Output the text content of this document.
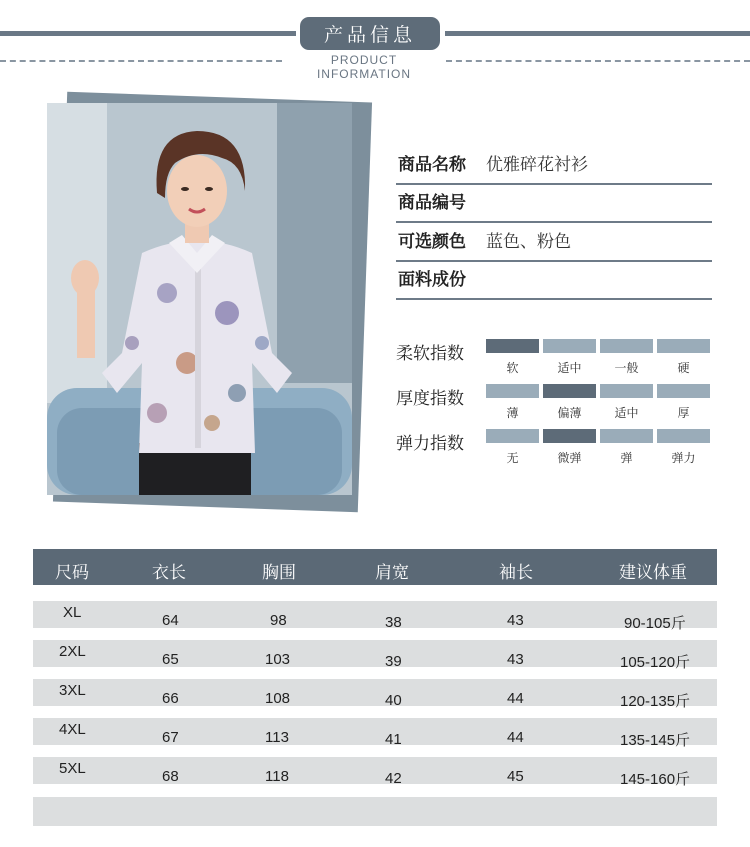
产品信息
PRODUCT INFORMATION
商品名称 优雅碎花衬衫
商品编号
可选颜色 蓝色、粉色
面料成份
柔软指数
软	适中	一般	硬
厚度指数
薄	偏薄	适中	厚
弹力指数
无	微弹	弹	弹力
尺码	衣长	胸围	肩宽	袖长	建议体重
XL	64	98	38	43	90-105斤
2XL	65	103	39	43	105-120斤
3XL	66	108	40	44	120-135斤
4XL	67	113	41	44	135-145斤
5XL	68	118	42	45	145-160斤
